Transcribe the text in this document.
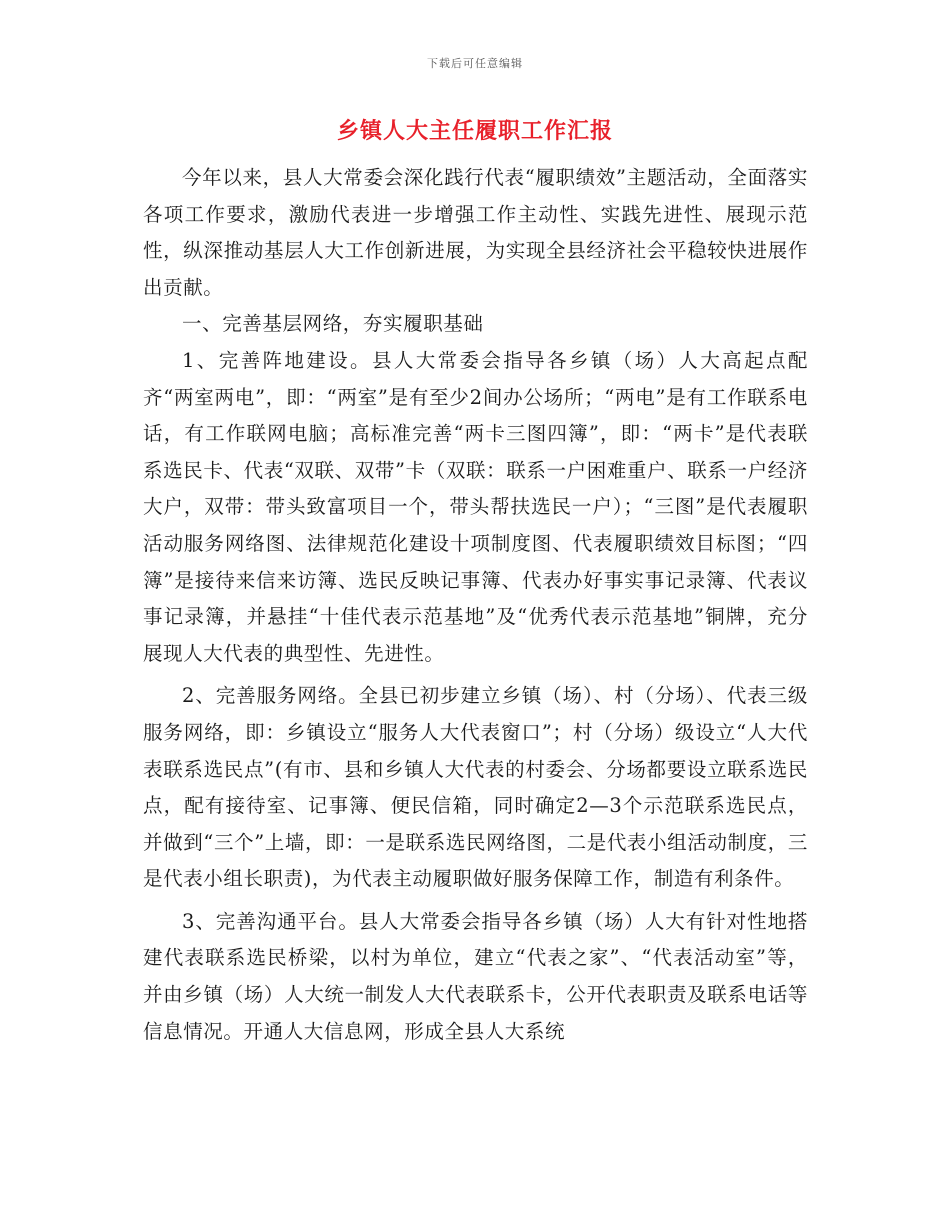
下载后可任意编辑
乡镇人大主任履职工作汇报

今年以来，县人大常委会深化践行代表“履职绩效”主题活动，全面落实各项工作要求，激励代表进一步增强工作主动性、实践先进性、展现示范性，纵深推动基层人大工作创新进展，为实现全县经济社会平稳较快进展作出贡献。

一、完善基层网络，夯实履职基础

1、完善阵地建设。县人大常委会指导各乡镇（场）人大高起点配齐“两室两电”，即：“两室”是有至少2间办公场所；“两电”是有工作联系电话，有工作联网电脑；高标准完善“两卡三图四簿”，即：“两卡”是代表联系选民卡、代表“双联、双带”卡（双联：联系一户困难重户、联系一户经济大户，双带：带头致富项目一个，带头帮扶选民一户）；“三图”是代表履职活动服务网络图、法律规范化建设十项制度图、代表履职绩效目标图；“四簿”是接待来信来访簿、选民反映记事簿、代表办好事实事记录簿、代表议事记录簿，并悬挂“十佳代表示范基地”及“优秀代表示范基地”铜牌，充分展现人大代表的典型性、先进性。

2、完善服务网络。全县已初步建立乡镇（场）、村（分场）、代表三级服务网络，即：乡镇设立“服务人大代表窗口”；村（分场）级设立“人大代表联系选民点”(有市、县和乡镇人大代表的村委会、分场都要设立联系选民点，配有接待室、记事簿、便民信箱，同时确定2—3个示范联系选民点，并做到“三个”上墙，即：一是联系选民网络图，二是代表小组活动制度，三是代表小组长职责)，为代表主动履职做好服务保障工作，制造有利条件。

3、完善沟通平台。县人大常委会指导各乡镇（场）人大有针对性地搭建代表联系选民桥梁，以村为单位，建立“代表之家”、“代表活动室”等，并由乡镇（场）人大统一制发人大代表联系卡，公开代表职责及联系电话等信息情况。开通人大信息网，形成全县人大系统
